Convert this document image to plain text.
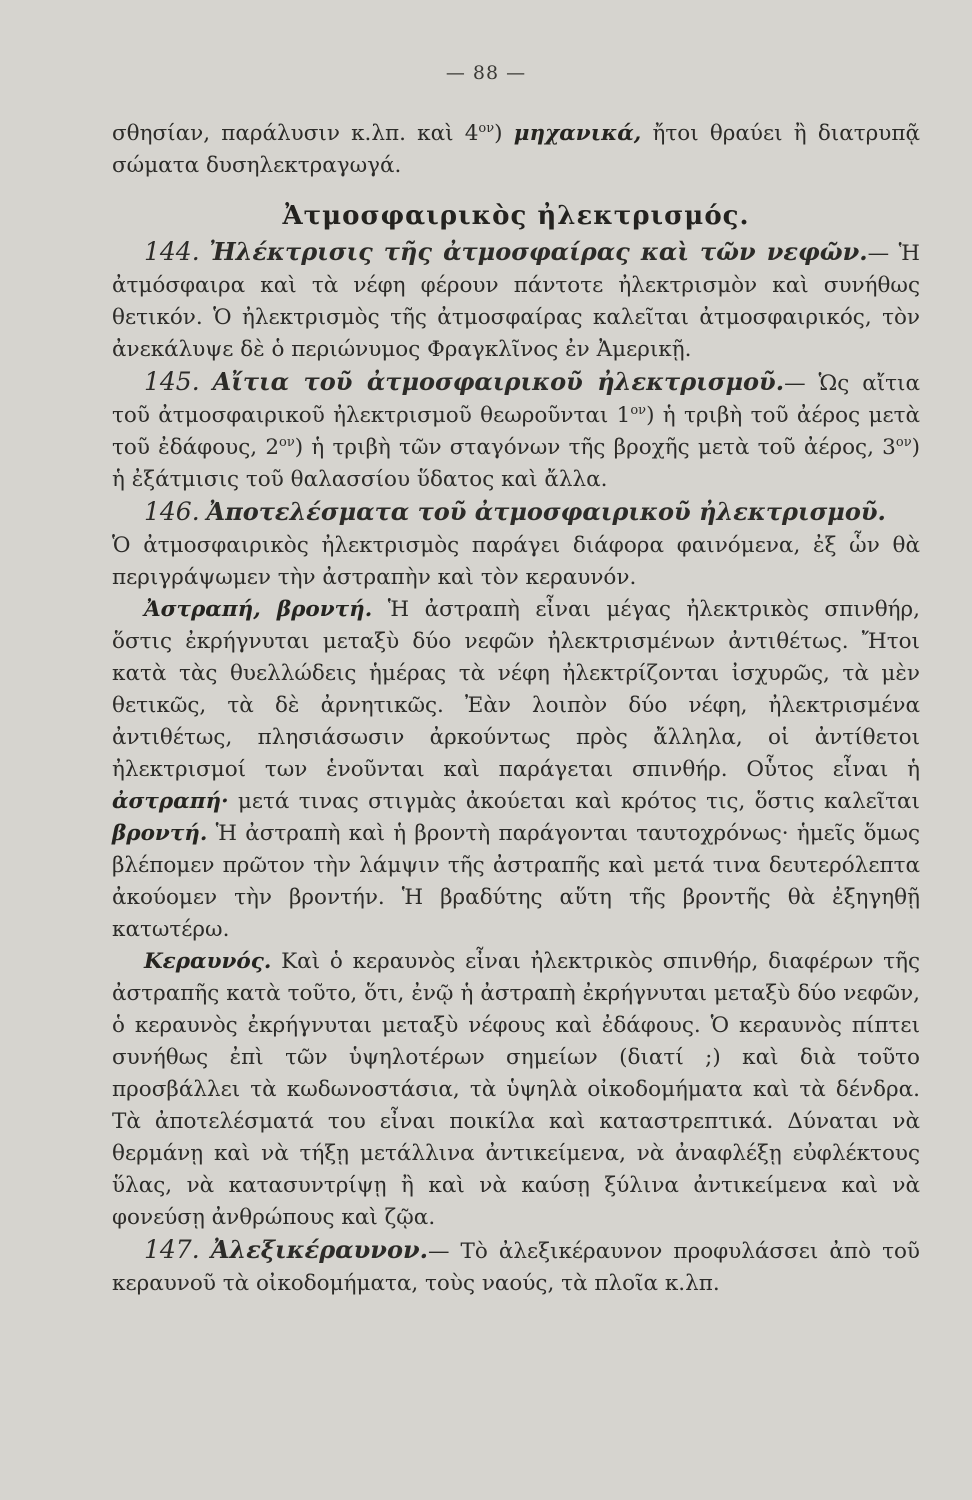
— 88 —

σθησίαν, παράλυσιν κ.λπ. καὶ $4^{o\nu}$) μηχανικά, ἤτοι θραύει ἢ διατρυπᾷ σώματα δυσηλεκτραγωγά.

Ἀτμοσφαιρικὸς ἠλεκτρισμός.

144. Ἠλέκτρισις τῆς ἀτμοσφαίρας καὶ τῶν νεφῶν.— Ἡ ἀτμόσφαιρα καὶ τὰ νέφη φέρουν πάντοτε ἠλεκτρισμὸν καὶ συνήθως θετικόν. Ὁ ἠλεκτρισμὸς τῆς ἀτμοσφαίρας καλεῖται ἀτμοσφαιρικός, τὸν ἀνεκάλυψε δὲ ὁ περιώνυμος Φραγκλῖνος ἐν Ἀμερικῇ.

145. Αἴτια τοῦ ἀτμοσφαιρικοῦ ἠλεκτρισμοῦ.— Ὡς αἴτια τοῦ ἀτμοσφαιρικοῦ ἠλεκτρισμοῦ θεωροῦνται $1^{o\nu}$) ἡ τριβὴ τοῦ ἀέρος μετὰ τοῦ ἐδάφους, $2^{o\nu}$) ἡ τριβὴ τῶν σταγόνων τῆς βροχῆς μετὰ τοῦ ἀέρος, $3^{o\nu}$) ἡ ἐξάτμισις τοῦ θαλασσίου ὕδατος καὶ ἄλλα.

146. Ἀποτελέσματα τοῦ ἀτμοσφαιρικοῦ ἠλεκτρισμοῦ.

Ὁ ἀτμοσφαιρικὸς ἠλεκτρισμὸς παράγει διάφορα φαινόμενα, ἐξ ὧν θὰ περιγράψωμεν τὴν ἀστραπὴν καὶ τὸν κεραυνόν.

Ἀστραπή, βροντή. Ἡ ἀστραπὴ εἶναι μέγας ἠλεκτρικὸς σπινθήρ, ὅστις ἐκρήγνυται μεταξὺ δύο νεφῶν ἠλεκτρισμένων ἀντιθέτως. Ἤτοι κατὰ τὰς θυελλώδεις ἡμέρας τὰ νέφη ἠλεκτρίζονται ἰσχυρῶς, τὰ μὲν θετικῶς, τὰ δὲ ἀρνητικῶς. Ἐὰν λοιπὸν δύο νέφη, ἠλεκτρισμένα ἀντιθέτως, πλησιάσωσιν ἀρκούντως πρὸς ἄλληλα, οἱ ἀντίθετοι ἠλεκτρισμοί των ἑνοῦνται καὶ παράγεται σπινθήρ. Οὗτος εἶναι ἡ ἀστραπή· μετά τινας στιγμὰς ἀκούεται καὶ κρότος τις, ὅστις καλεῖται βροντή. Ἡ ἀστραπὴ καὶ ἡ βροντὴ παράγονται ταυτοχρόνως· ἡμεῖς ὅμως βλέπομεν πρῶτον τὴν λάμψιν τῆς ἀστραπῆς καὶ μετά τινα δευτερόλεπτα ἀκούομεν τὴν βροντήν. Ἡ βραδύτης αὕτη τῆς βροντῆς θὰ ἐξηγηθῇ κατωτέρω.

Κεραυνός. Καὶ ὁ κεραυνὸς εἶναι ἠλεκτρικὸς σπινθήρ, διαφέρων τῆς ἀστραπῆς κατὰ τοῦτο, ὅτι, ἐνῷ ἡ ἀστραπὴ ἐκρήγνυται μεταξὺ δύο νεφῶν, ὁ κεραυνὸς ἐκρήγνυται μεταξὺ νέφους καὶ ἐδάφους. Ὁ κεραυνὸς πίπτει συνήθως ἐπὶ τῶν ὑψηλοτέρων σημείων (διατί ;) καὶ διὰ τοῦτο προσβάλλει τὰ κωδωνοστάσια, τὰ ὑψηλὰ οἰκοδομήματα καὶ τὰ δένδρα. Τὰ ἀποτελέσματά του εἶναι ποικίλα καὶ καταστρεπτικά. Δύναται νὰ θερμάνῃ καὶ νὰ τήξῃ μετάλλινα ἀντικείμενα, νὰ ἀναφλέξῃ εὐφλέκτους ὕλας, νὰ κατασυντρίψῃ ἢ καὶ νὰ καύσῃ ξύλινα ἀντικείμενα καὶ νὰ φονεύσῃ ἀνθρώπους καὶ ζῷα.

147. Ἀλεξικέραυνον.— Τὸ ἀλεξικέραυνον προφυλάσσει ἀπὸ τοῦ κεραυνοῦ τὰ οἰκοδομήματα, τοὺς ναούς, τὰ πλοῖα κ.λπ.
